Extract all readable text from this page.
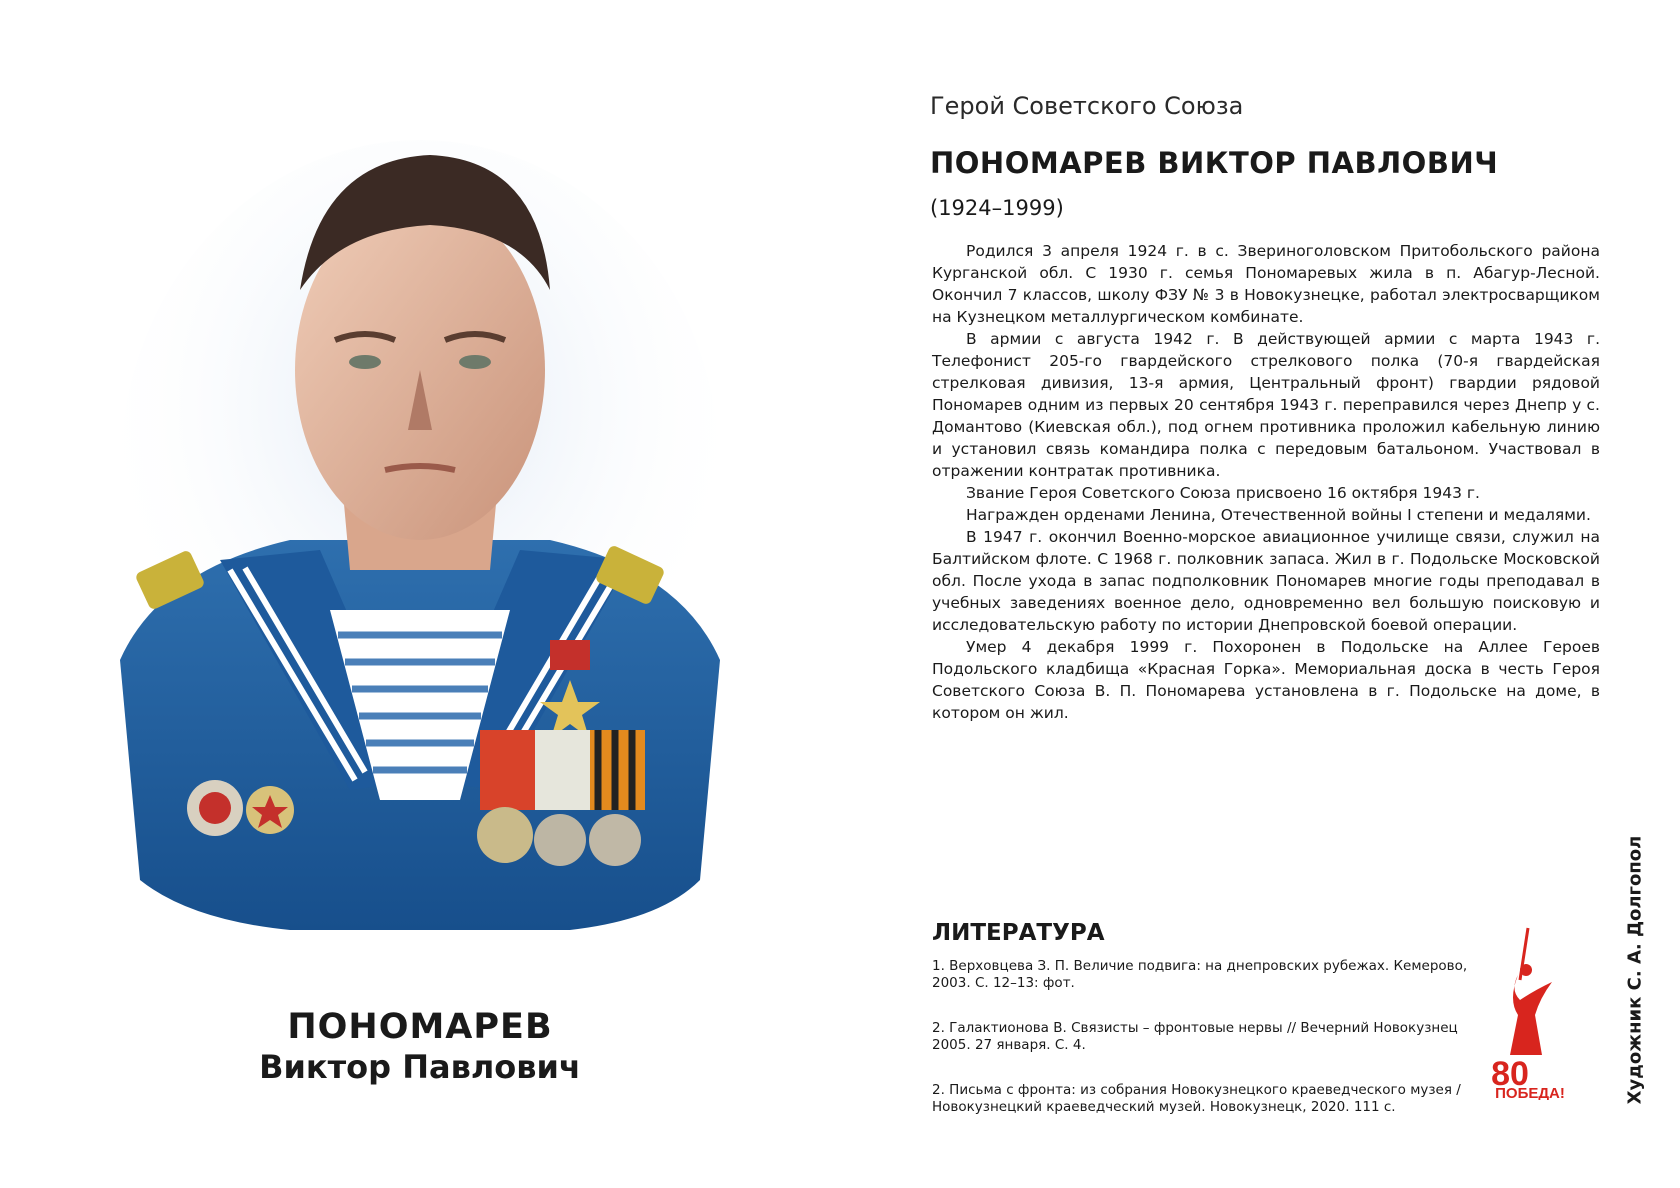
ПОНОМАРЕВ
Виктор Павлович
Герой Советского Союза
ПОНОМАРЕВ ВИКТОР ПАВЛОВИЧ
(1924–1999)

Родился 3 апреля 1924 г. в с. Звериноголовском Притобольского района Курганской обл. С 1930 г. семья Пономаревых жила в п. Абагур-Лесной. Окончил 7 классов, школу ФЗУ № 3 в Новокузнецке, работал электросварщиком на Кузнецком металлургическом комбинате.

В армии с августа 1942 г. В действующей армии с марта 1943 г. Телефонист 205-го гвардейского стрелкового полка (70-я гвардейская стрелковая дивизия, 13-я армия, Центральный фронт) гвардии рядовой Пономарев одним из первых 20 сентября 1943 г. переправился через Днепр у с. Домантово (Киевская обл.), под огнем противника проложил кабельную линию и установил связь командира полка с передовым батальоном. Участвовал в отражении контратак противника.

Звание Героя Советского Союза присвоено 16 октября 1943 г.

Награжден орденами Ленина, Отечественной войны I степени и медалями.

В 1947 г. окончил Военно-морское авиационное училище связи, служил на Балтийском флоте. С 1968 г. полковник запаса. Жил в г. Подольске Московской обл. После ухода в запас подполковник Пономарев многие годы преподавал в учебных заведениях военное дело, одновременно вел большую поисковую и исследовательскую работу по истории Днепровской боевой операции.

Умер 4 декабря 1999 г. Похоронен в Подольске на Аллее Героев Подольского кладбища «Красная Горка». Мемориальная доска в честь Героя Советского Союза В. П. Пономарева установлена в г. Подольске на доме, в котором он жил.

ЛИТЕРАТУРА

1. Верховцева З. П. Величие подвига: на днепровских рубежах. Кемерово, 2003. С. 12–13: фот.

2. Галактионова В. Связисты – фронтовые нервы // Вечерний Новокузнец 2005. 27 января. С. 4.

2. Письма с фронта: из собрания Новокузнецкого краеведческого музея / Новокузнецкий краеведческий музей. Новокузнецк, 2020. 111 с.

80
ПОБЕДА!	Художник С. А. Долгопол
